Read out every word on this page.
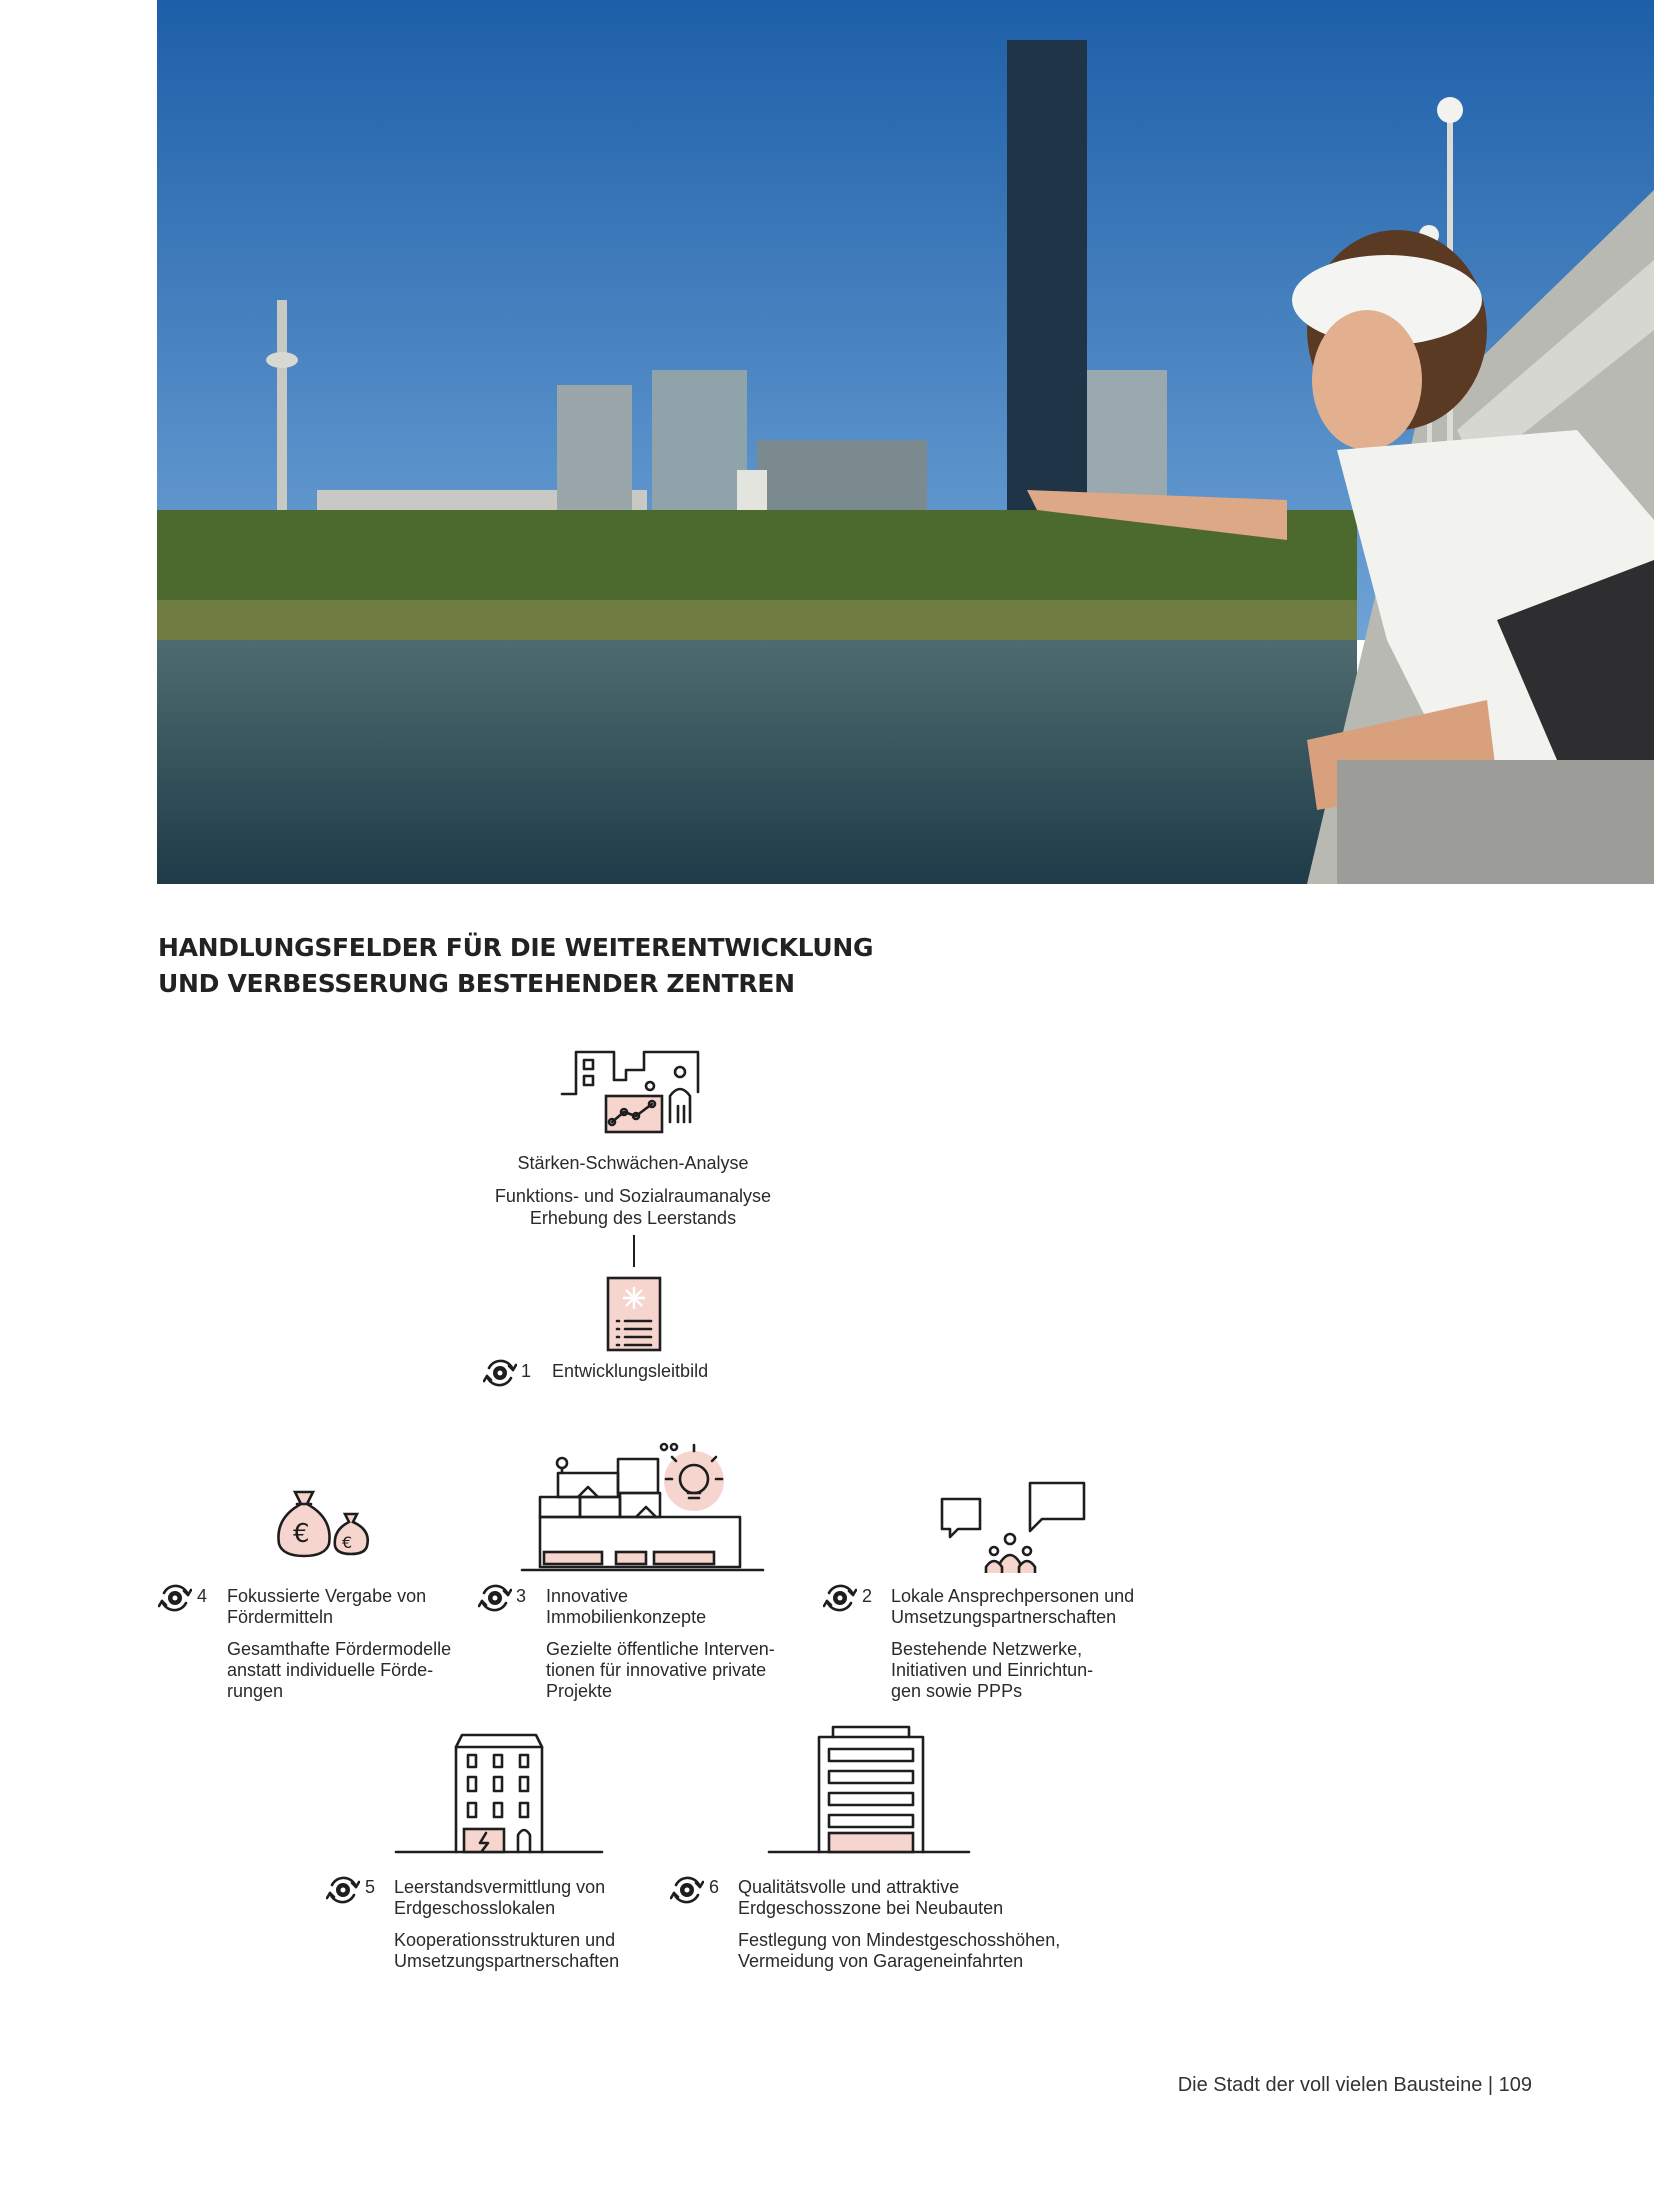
HANDLUNGSFELDER FÜR DIE WEITERENTWICKLUNG
UND VERBESSERUNG BESTEHENDER ZENTREN
Stärken-Schwächen-Analyse
Funktions- und Sozialraumanalyse
Erhebung des Leerstands
1 Entwicklungsleitbild
€ €
4 Fokussierte Vergabe von
Fördermitteln
Gesamthafte Fördermodelle
anstatt individuelle Förde-
rungen
3 Innovative
Immobilienkonzepte
Gezielte öffentliche Interven-
tionen für innovative private
Projekte
2 Lokale Ansprechpersonen und
Umsetzungspartnerschaften
Bestehende Netzwerke,
Initiativen und Einrichtun-
gen sowie PPPs
5 Leerstandsvermittlung von
Erdgeschosslokalen
Kooperationsstrukturen und
Umsetzungspartnerschaften
6 Qualitätsvolle und attraktive
Erdgeschosszone bei Neubauten
Festlegung von Mindestgeschosshöhen,
Vermeidung von Garageneinfahrten
Die Stadt der voll vielen Bausteine | 109
